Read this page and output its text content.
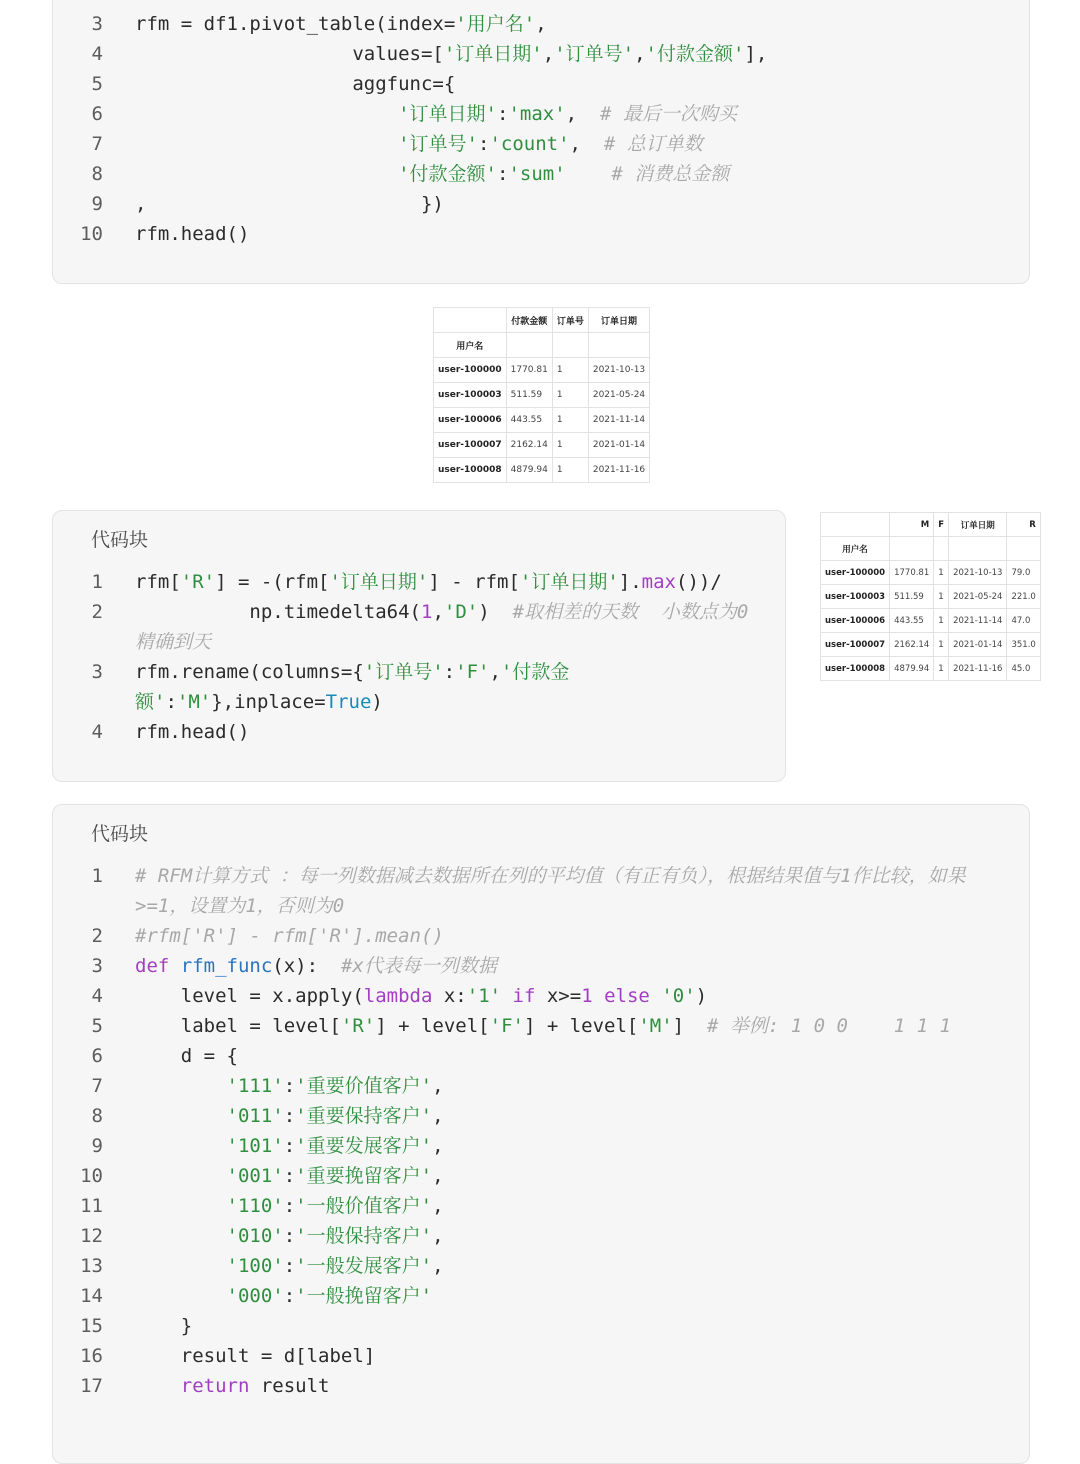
3 rfm = df1.pivot_table(index='用户名',
4 values=['订单日期','订单号','付款金额'],
5 aggfunc={
6	'订单日期':'max',  # 最后一次购买
7	'订单号':'count',  # 总订单数
8	'付款金额':'sum' # 消费总金额
9 ,                        })
10 rfm.head()
	付款金额	订单号	订单日期
用户名			
user-100000	1770.81	1	2021-10-13
user-100003	511.59	1	2021-05-24
user-100006	443.55	1	2021-11-14
user-100007	2162.14	1	2021-01-14
user-100008	4879.94	1	2021-11-16
代码块
1 rfm['R'] = -(rfm['订单日期'] - rfm['订单日期'].max())/
2 np.timedelta64(1,'D')  #取相差的天数  小数点为0
精确到天
3 rfm.rename(columns={'订单号':'F','付款金
额':'M'},inplace=True)
4 rfm.head()
	M	F	订单日期	R
用户名				
user-100000	1770.81	1	2021-10-13	79.0
user-100003	511.59	1	2021-05-24	221.0
user-100006	443.55	1	2021-11-14	47.0
user-100007	2162.14	1	2021-01-14	351.0
user-100008	4879.94	1	2021-11-16	45.0
代码块
1 # RFM计算方式 ：每一列数据减去数据所在列的平均值（有正有负），根据结果值与1作比较，如果
>=1，设置为1，否则为0
2 #rfm['R'] - rfm['R'].mean()
3 def rfm_func(x):  #x代表每一列数据
4 level = x.apply(lambda x:'1' if x>=1 else '0')
5 label = level['R'] + level['F'] + level['M']  # 举例: 1 0 0    1 1 1
6 d = {
7	'111':'重要价值客户',
8	'011':'重要保持客户',
9	'101':'重要发展客户',
10	'001':'重要挽留客户',
11	'110':'一般价值客户',
12	'010':'一般保持客户',
13	'100':'一般发展客户',
14	'000':'一般挽留客户'
15 }
16 result = d[label]
17	return result
